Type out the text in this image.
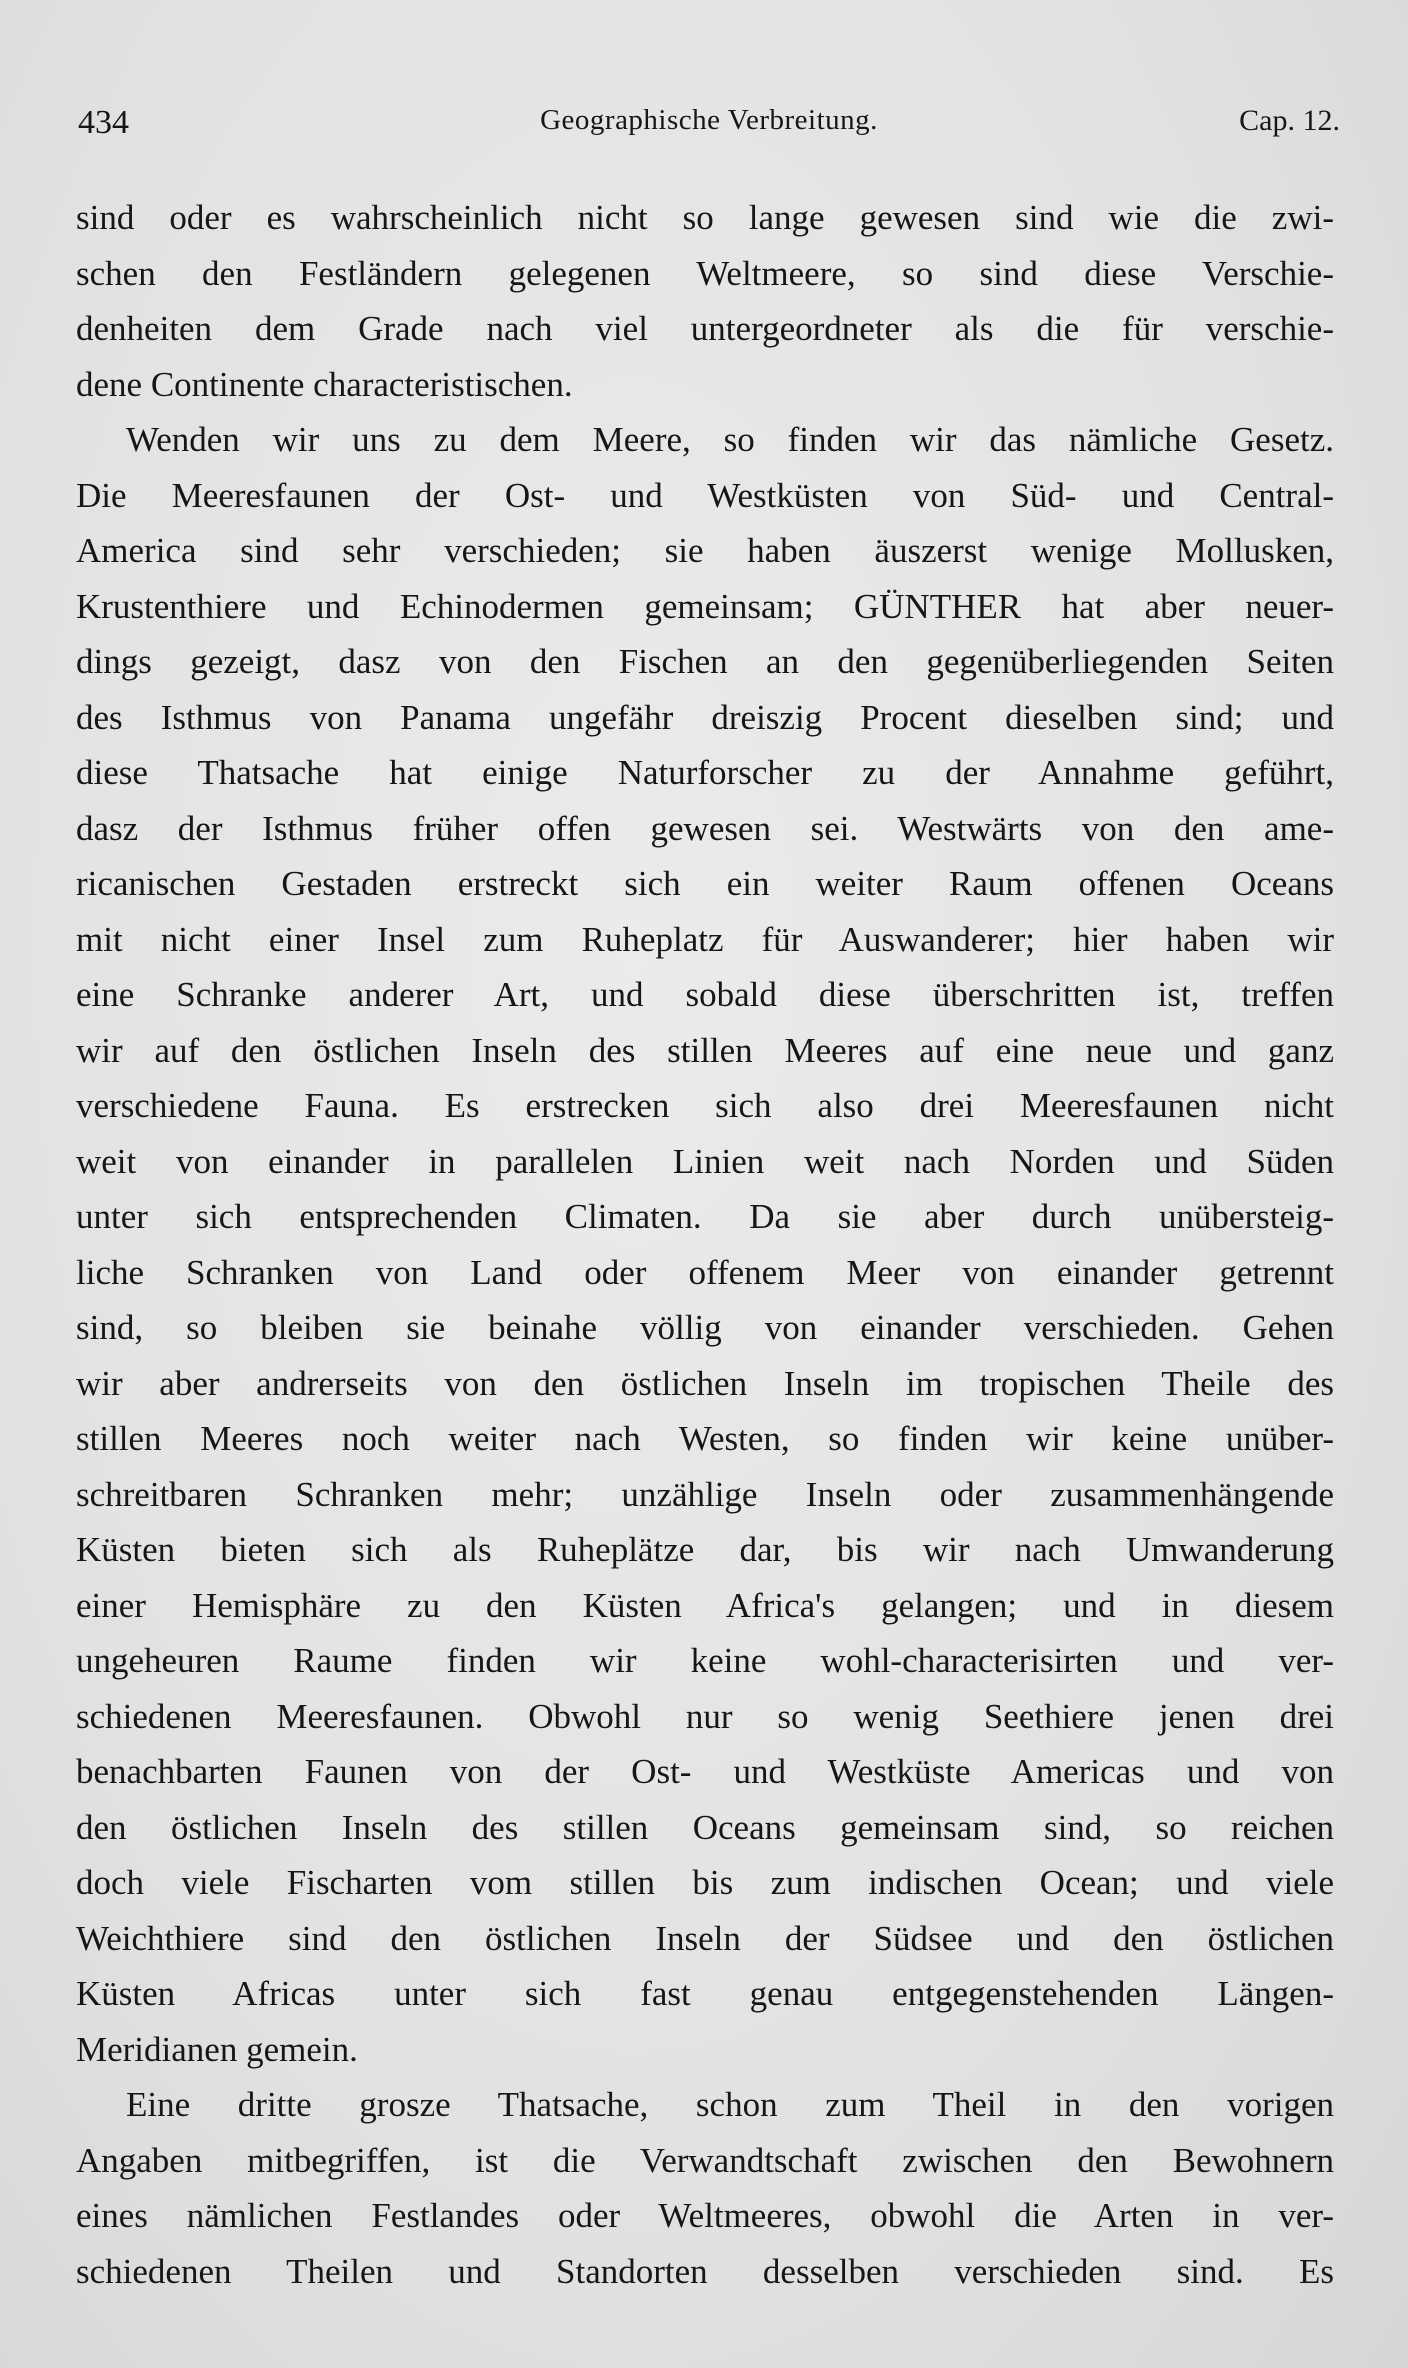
434	Geographische Verbreitung.	Cap. 12.
sind oder es wahrscheinlich nicht so lange gewesen sind wie die zwi-
schen den Festländern gelegenen Weltmeere, so sind diese Verschie-
denheiten dem Grade nach viel untergeordneter als die für verschie-
dene Continente characteristischen.
Wenden wir uns zu dem Meere, so finden wir das nämliche Gesetz.
Die Meeresfaunen der Ost- und Westküsten von Süd- und Central-
America sind sehr verschieden; sie haben äuszerst wenige Mollusken,
Krustenthiere und Echinodermen gemeinsam; GÜNTHER hat aber neuer-
dings gezeigt, dasz von den Fischen an den gegenüberliegenden Seiten
des Isthmus von Panama ungefähr dreiszig Procent dieselben sind; und
diese Thatsache hat einige Naturforscher zu der Annahme geführt,
dasz der Isthmus früher offen gewesen sei. Westwärts von den ame-
ricanischen Gestaden erstreckt sich ein weiter Raum offenen Oceans
mit nicht einer Insel zum Ruheplatz für Auswanderer; hier haben wir
eine Schranke anderer Art, und sobald diese überschritten ist, treffen
wir auf den östlichen Inseln des stillen Meeres auf eine neue und ganz
verschiedene Fauna. Es erstrecken sich also drei Meeresfaunen nicht
weit von einander in parallelen Linien weit nach Norden und Süden
unter sich entsprechenden Climaten. Da sie aber durch unübersteig-
liche Schranken von Land oder offenem Meer von einander getrennt
sind, so bleiben sie beinahe völlig von einander verschieden. Gehen
wir aber andrerseits von den östlichen Inseln im tropischen Theile des
stillen Meeres noch weiter nach Westen, so finden wir keine unüber-
schreitbaren Schranken mehr; unzählige Inseln oder zusammenhängende
Küsten bieten sich als Ruheplätze dar, bis wir nach Umwanderung
einer Hemisphäre zu den Küsten Africa's gelangen; und in diesem
ungeheuren Raume finden wir keine wohl-characterisirten und ver-
schiedenen Meeresfaunen. Obwohl nur so wenig Seethiere jenen drei
benachbarten Faunen von der Ost- und Westküste Americas und von
den östlichen Inseln des stillen Oceans gemeinsam sind, so reichen
doch viele Fischarten vom stillen bis zum indischen Ocean; und viele
Weichthiere sind den östlichen Inseln der Südsee und den östlichen
Küsten Africas unter sich fast genau entgegenstehenden Längen-
Meridianen gemein.
Eine dritte grosze Thatsache, schon zum Theil in den vorigen
Angaben mitbegriffen, ist die Verwandtschaft zwischen den Bewohnern
eines nämlichen Festlandes oder Weltmeeres, obwohl die Arten in ver-
schiedenen Theilen und Standorten desselben verschieden sind. Es
